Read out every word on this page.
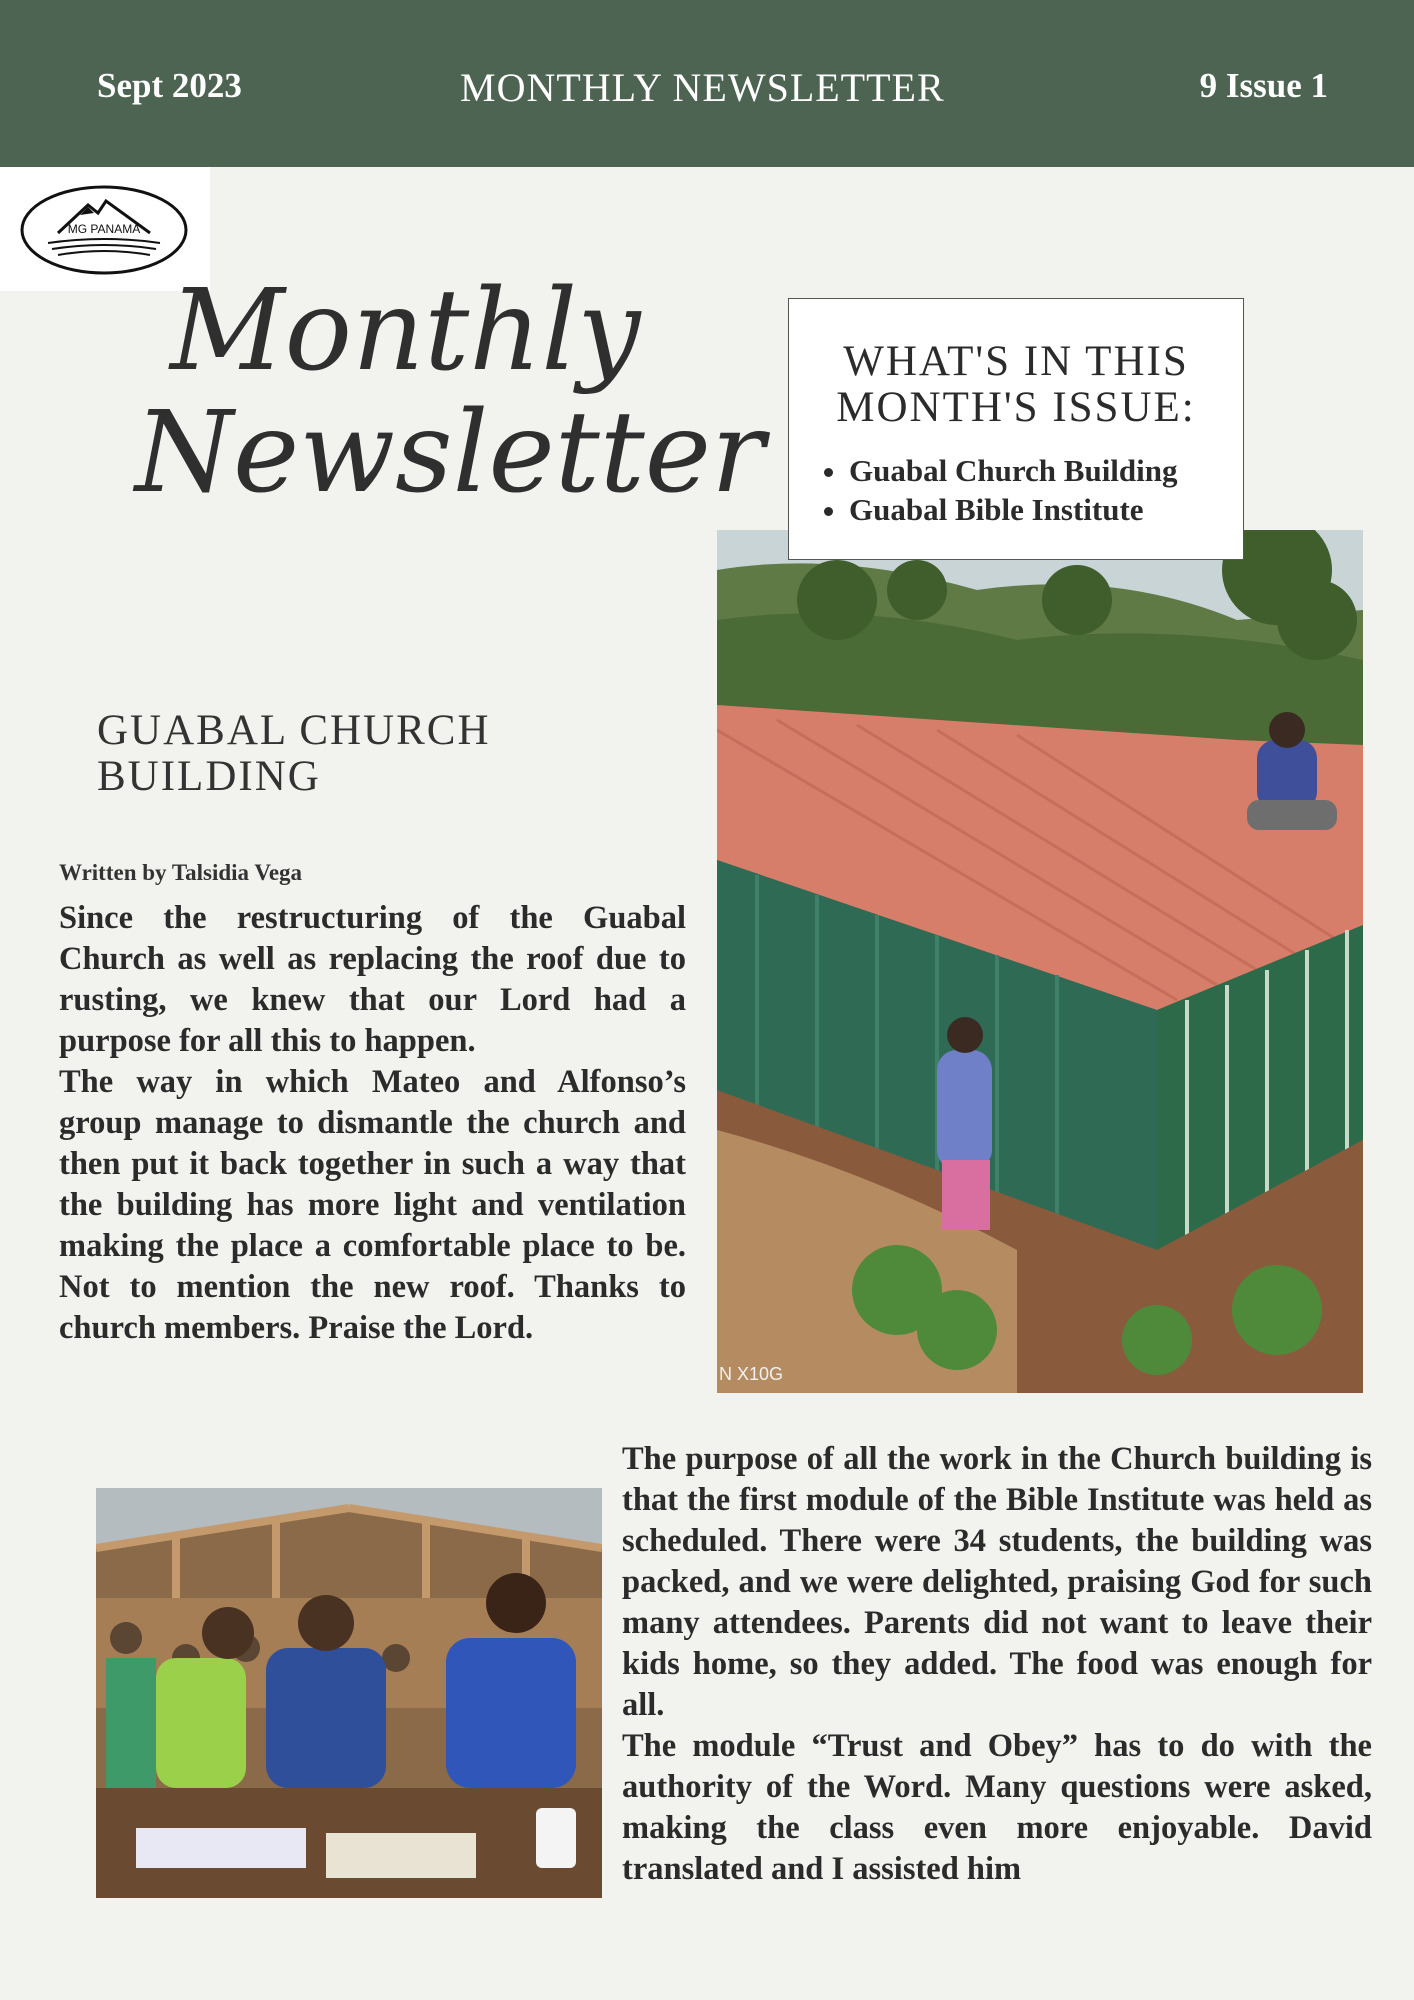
Sept 2023	MONTHLY NEWSLETTER	9 Issue 1
MG PANAMA
Monthly
Newsletter
WHAT'S IN THIS MONTH'S ISSUE:
• Guabal Church Building
• Guabal Bible Institute
N X10G
GUABAL CHURCH BUILDING
Written by Talsidia Vega

Since the restructuring of the Guabal Church as well as replacing the roof due to rusting, we knew that our Lord had a purpose for all this to happen.

The way in which Mateo and Alfonso’s group manage to dismantle the church and then put it back together in such a way that the building has more light and ventilation making the place a comfortable place to be. Not to mention the new roof. Thanks to church members. Praise the Lord.

The purpose of all the work in the Church building is that the first module of the Bible Institute was held as scheduled. There were 34 students, the building was packed, and we were delighted, praising God for such many attendees. Parents did not want to leave their kids home, so they added. The food was enough for all.

The module “Trust and Obey” has to do with the authority of the Word. Many questions were asked, making the class even more enjoyable. David translated and I assisted him
